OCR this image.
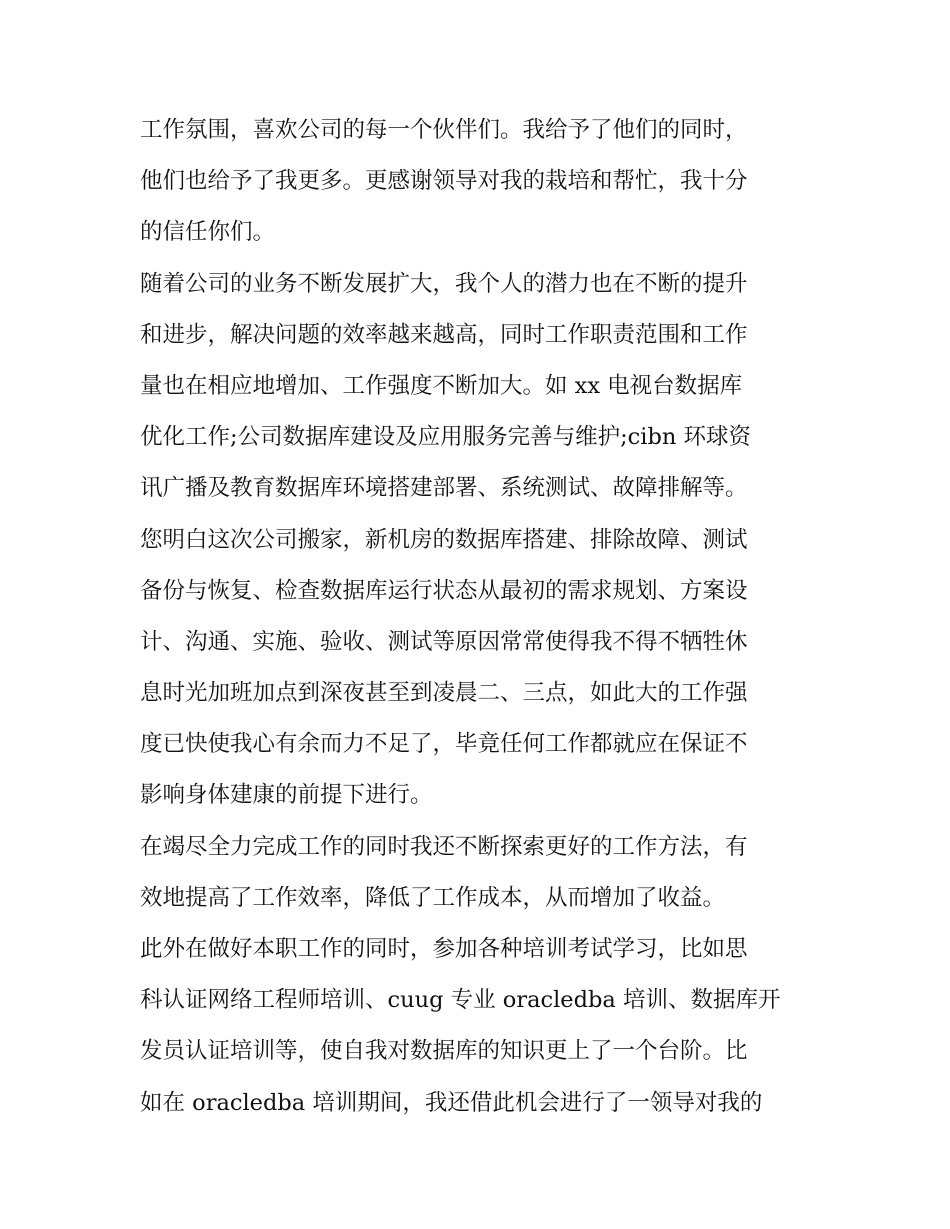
工作氛围，喜欢公司的每一个伙伴们。我给予了他们的同时，
他们也给予了我更多。更感谢领导对我的栽培和帮忙，我十分
的信任你们。
随着公司的业务不断发展扩大，我个人的潜力也在不断的提升
和进步，解决问题的效率越来越高，同时工作职责范围和工作
量也在相应地增加、工作强度不断加大。如 xx 电视台数据库
优化工作;公司数据库建设及应用服务完善与维护;cibn 环球资
讯广播及教育数据库环境搭建部署、系统测试、故障排解等。
您明白这次公司搬家，新机房的数据库搭建、排除故障、测试
备份与恢复、检查数据库运行状态从最初的需求规划、方案设
计、沟通、实施、验收、测试等原因常常使得我不得不牺牲休
息时光加班加点到深夜甚至到凌晨二、三点，如此大的工作强
度已快使我心有余而力不足了，毕竟任何工作都就应在保证不
影响身体建康的前提下进行。
在竭尽全力完成工作的同时我还不断探索更好的工作方法，有
效地提高了工作效率，降低了工作成本，从而增加了收益。
此外在做好本职工作的同时，参加各种培训考试学习，比如思
科认证网络工程师培训、cuug 专业 oracledba 培训、数据库开
发员认证培训等，使自我对数据库的知识更上了一个台阶。比
如在 oracledba 培训期间，我还借此机会进行了一领导对我的
